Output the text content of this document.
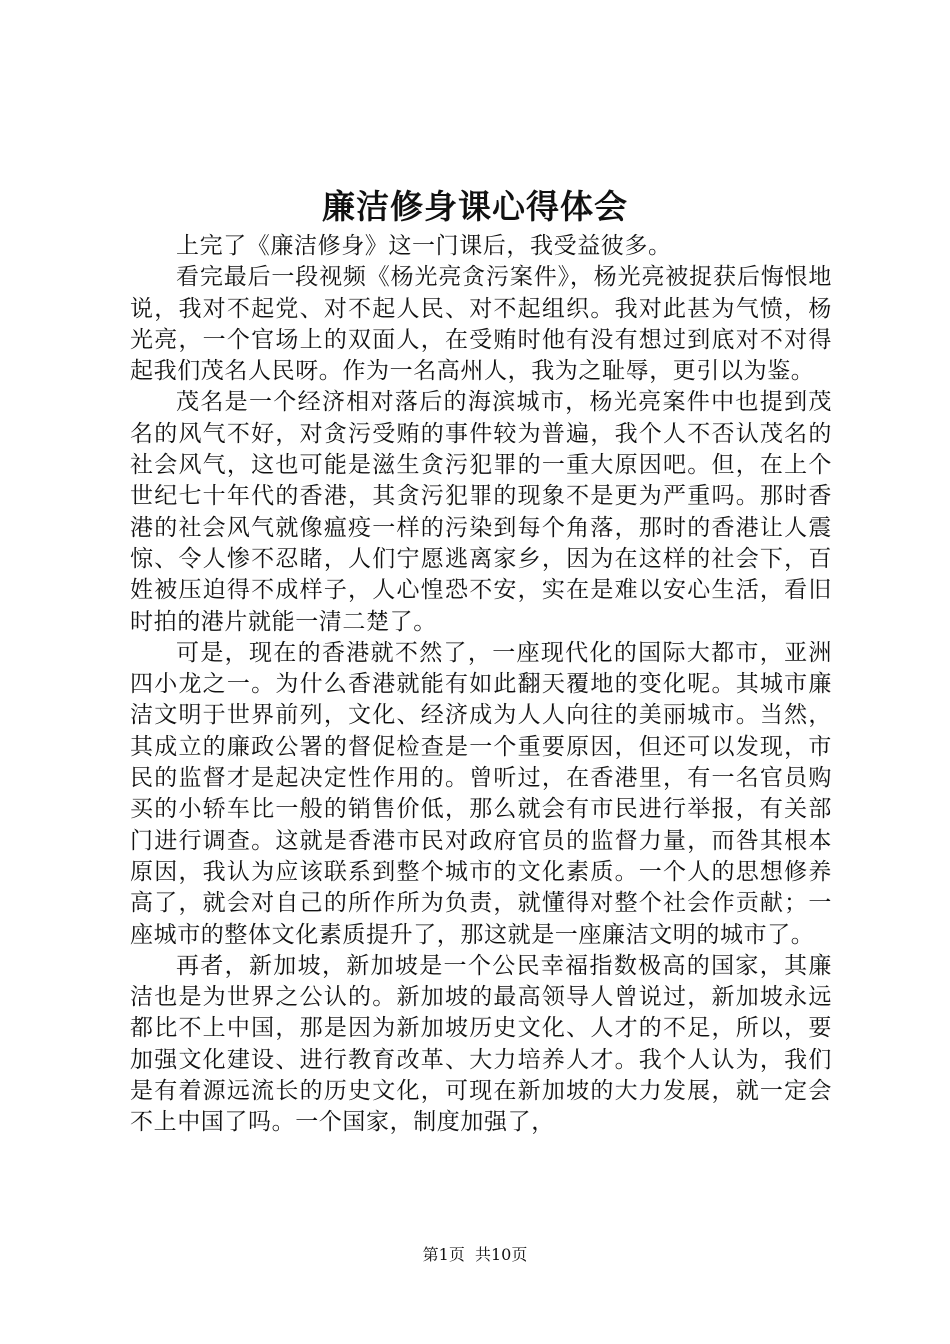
廉洁修身课心得体会

上完了《廉洁修身》这一门课后，我受益彼多。

看完最后一段视频《杨光亮贪污案件》，杨光亮被捉获后悔恨地说，我对不起党、对不起人民、对不起组织。我对此甚为气愤，杨光亮，一个官场上的双面人，在受贿时他有没有想过到底对不对得起我们茂名人民呀。作为一名高州人，我为之耻辱，更引以为鉴。

茂名是一个经济相对落后的海滨城市，杨光亮案件中也提到茂名的风气不好，对贪污受贿的事件较为普遍，我个人不否认茂名的社会风气，这也可能是滋生贪污犯罪的一重大原因吧。但，在上个世纪七十年代的香港，其贪污犯罪的现象不是更为严重吗。那时香港的社会风气就像瘟疫一样的污染到每个角落，那时的香港让人震惊、令人惨不忍睹，人们宁愿逃离家乡，因为在这样的社会下，百姓被压迫得不成样子，人心惶恐不安，实在是难以安心生活，看旧时拍的港片就能一清二楚了。

可是，现在的香港就不然了，一座现代化的国际大都市，亚洲四小龙之一。为什么香港就能有如此翻天覆地的变化呢。其城市廉洁文明于世界前列，文化、经济成为人人向往的美丽城市。当然，其成立的廉政公署的督促检查是一个重要原因，但还可以发现，市民的监督才是起决定性作用的。曾听过，在香港里，有一名官员购买的小轿车比一般的销售价低，那么就会有市民进行举报，有关部门进行调查。这就是香港市民对政府官员的监督力量，而咎其根本原因，我认为应该联系到整个城市的文化素质。一个人的思想修养高了，就会对自己的所作所为负责，就懂得对整个社会作贡献；一座城市的整体文化素质提升了，那这就是一座廉洁文明的城市了。

再者，新加坡，新加坡是一个公民幸福指数极高的国家，其廉洁也是为世界之公认的。新加坡的最高领导人曾说过，新加坡永远都比不上中国，那是因为新加坡历史文化、人才的不足，所以，要加强文化建设、进行教育改革、大力培养人才。我个人认为，我们是有着源远流长的历史文化，可现在新加坡的大力发展，就一定会不上中国了吗。一个国家，制度加强了，

第1页  共10页
